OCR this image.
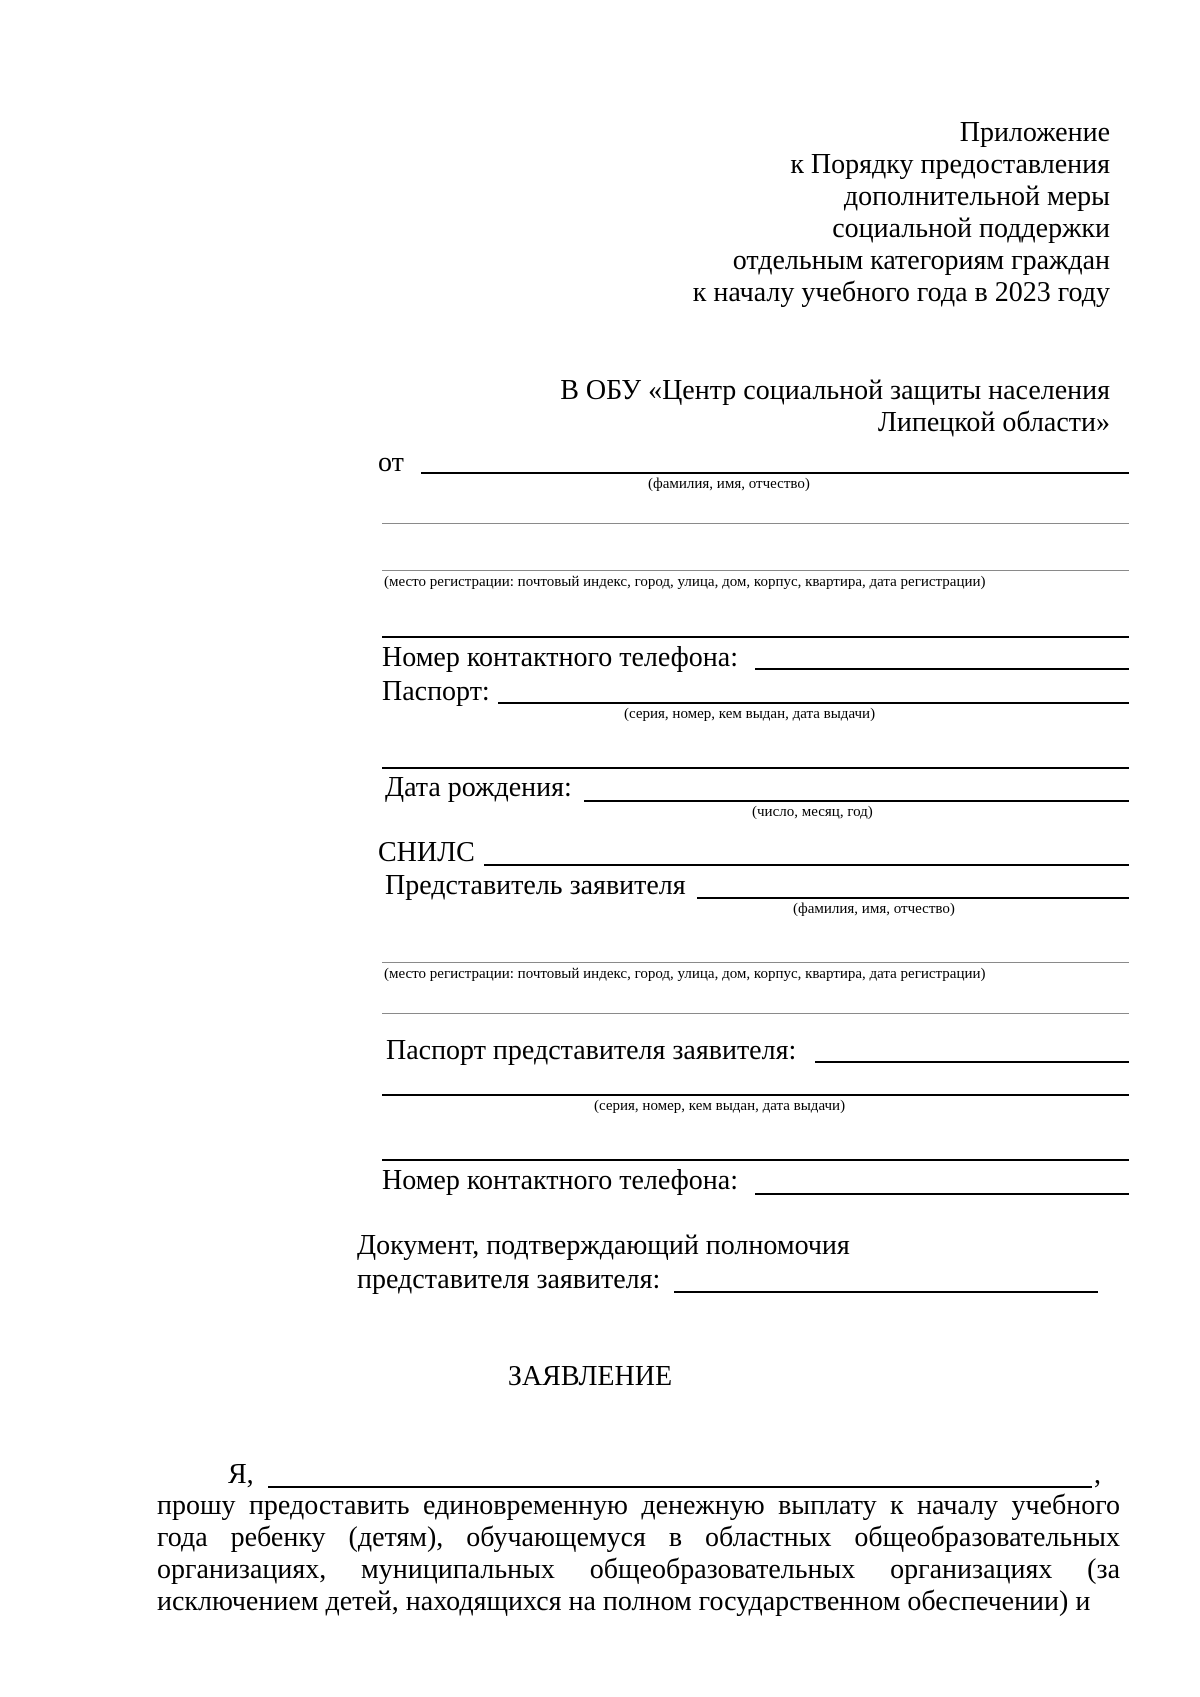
Приложение
к Порядку предоставления
дополнительной меры
социальной поддержки
отдельным категориям граждан
к началу учебного года в 2023 году
В ОБУ «Центр социальной защиты населения
Липецкой области»
от
(фамилия, имя, отчество)
(место регистрации: почтовый индекс, город, улица, дом, корпус, квартира, дата регистрации)
Номер контактного телефона:
Паспорт:
(серия, номер, кем выдан, дата выдачи)
Дата рождения:
(число, месяц, год)
СНИЛС
Представитель заявителя
(фамилия, имя, отчество)
(место регистрации: почтовый индекс, город, улица, дом, корпус, квартира, дата регистрации)
Паспорт представителя заявителя:
(серия, номер, кем выдан, дата выдачи)
Номер контактного телефона:
Документ, подтверждающий полномочия
представителя заявителя:
ЗАЯВЛЕНИЕ
Я,	,

прошу предоставить единовременную денежную выплату к началу учебного года ребенку (детям), обучающемуся в областных общеобразовательных организациях, муниципальных общеобразовательных организациях (за исключением детей, находящихся на полном государственном обеспечении) и
